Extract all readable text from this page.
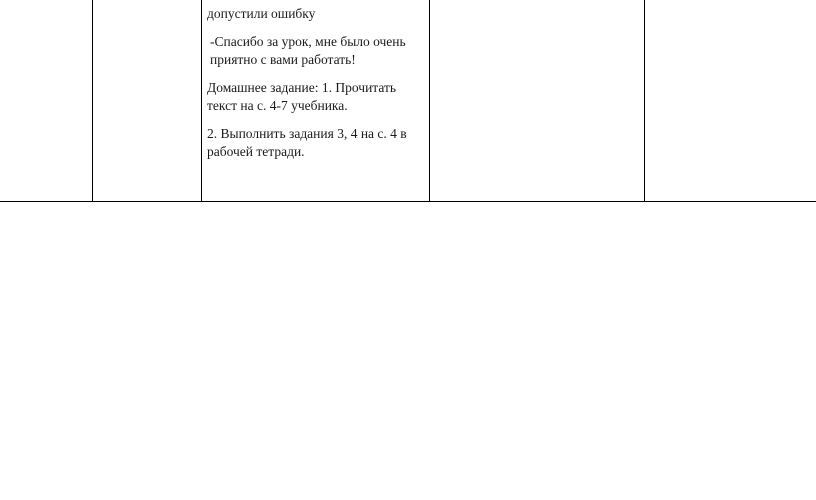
допустили ошибку

-Спасибо за урок, мне было очень приятно с вами работать!

Домашнее задание: 1. Прочитать текст на с. 4-7 учебника.

2. Выполнить задания 3, 4 на с. 4 в рабочей тетради.
